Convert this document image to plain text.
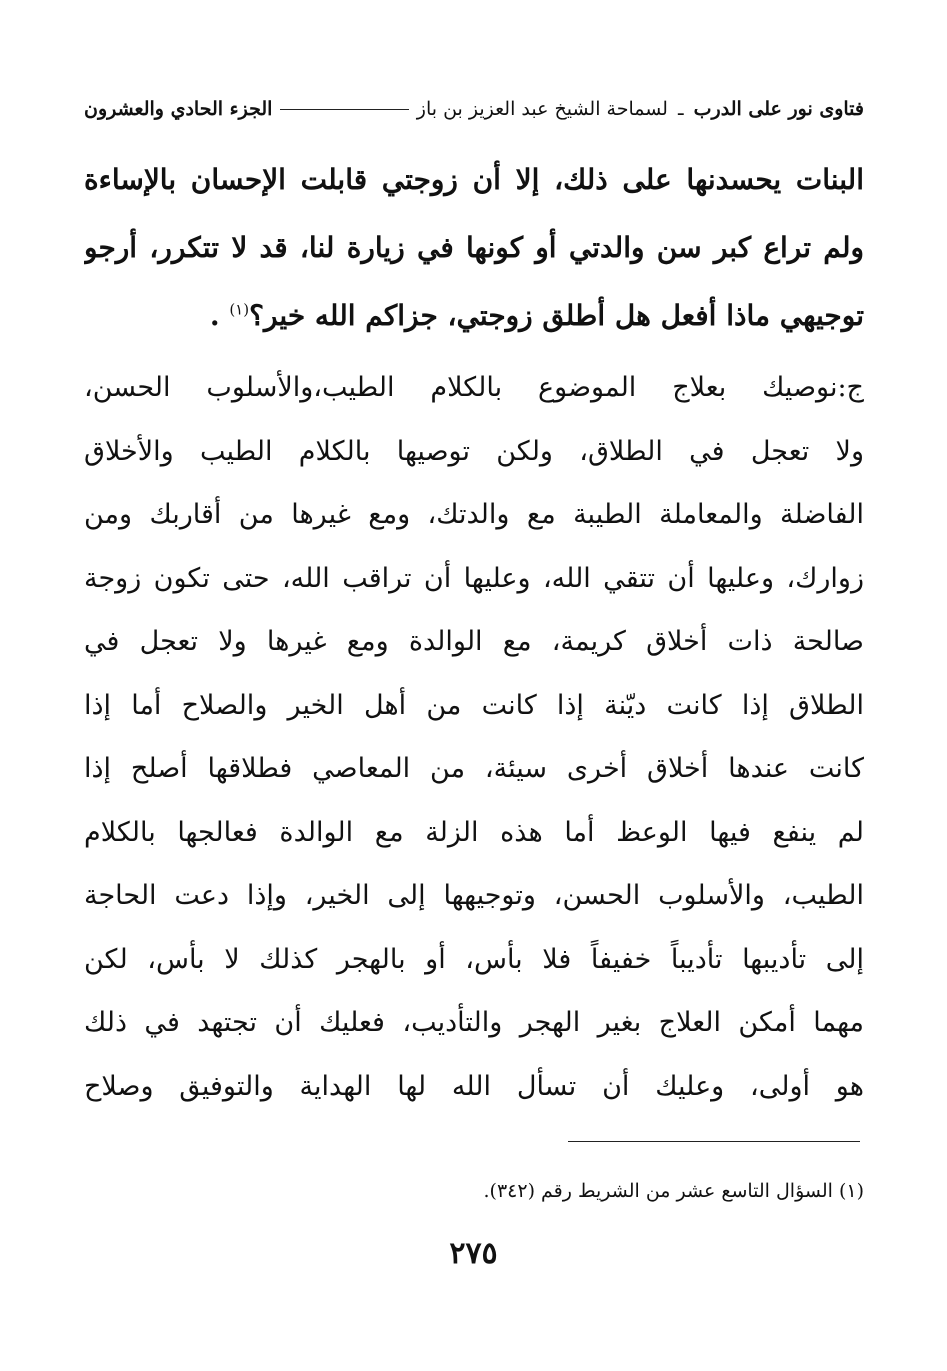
فتاوى نور على الدرب ـ لسماحة الشيخ عبد العزيز بن باز
الجزء الحادي والعشرون
البنات يحسدنها على ذلك، إلا أن زوجتي قابلت الإحسان بالإساءة
ولم تراع كبر سن والدتي أو كونها في زيارة لنا، قد لا تتكرر، أرجو
توجيهي ماذا أفعل هل أطلق زوجتي، جزاكم الله خير؟$^{(١)}$ .
ج:نوصيك بعلاج الموضوع بالكلام الطيب،والأسلوب الحسن،
ولا تعجل في الطلاق، ولكن توصيها بالكلام الطيب والأخلاق
الفاضلة والمعاملة الطيبة مع والدتك، ومع غيرها من أقاربك ومن
زوارك، وعليها أن تتقي الله، وعليها أن تراقب الله، حتى تكون زوجة
صالحة ذات أخلاق كريمة، مع الوالدة ومع غيرها ولا تعجل في
الطلاق إذا كانت ديّنة إذا كانت من أهل الخير والصلاح أما إذا
كانت عندها أخلاق أخرى سيئة، من المعاصي فطلاقها أصلح إذا
لم ينفع فيها الوعظ أما هذه الزلة مع الوالدة فعالجها بالكلام
الطيب، والأسلوب الحسن، وتوجيهها إلى الخير، وإذا دعت الحاجة
إلى تأديبها تأديباً خفيفاً فلا بأس، أو بالهجر كذلك لا بأس، لكن
مهما أمكن العلاج بغير الهجر والتأديب، فعليك أن تجتهد في ذلك
هو أولى، وعليك أن تسأل الله لها الهداية والتوفيق وصلاح
(١) السؤال التاسع عشر من الشريط رقم (٣٤٢).
٢٧٥
